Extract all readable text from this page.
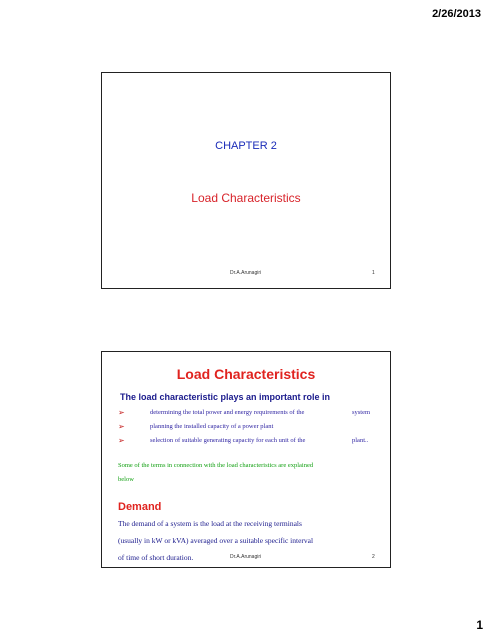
2/26/2013
CHAPTER 2
Load Characteristics
Dr.A.Arunagiri	1
Load Characteristics
The load characteristic plays an important role in
➢	determining the total power and energy requirements of the	system
➢	planning the installed capacity of a power plant
➢	selection of suitable generating capacity for each unit of the	plant..
Some of the terms in connection with the load characteristics are explained
below
Demand
The demand of a system is the load at the receiving terminals
(usually in kW or kVA) averaged over a suitable specific interval
of time of short duration.	Dr.A.Arunagiri	2
1
